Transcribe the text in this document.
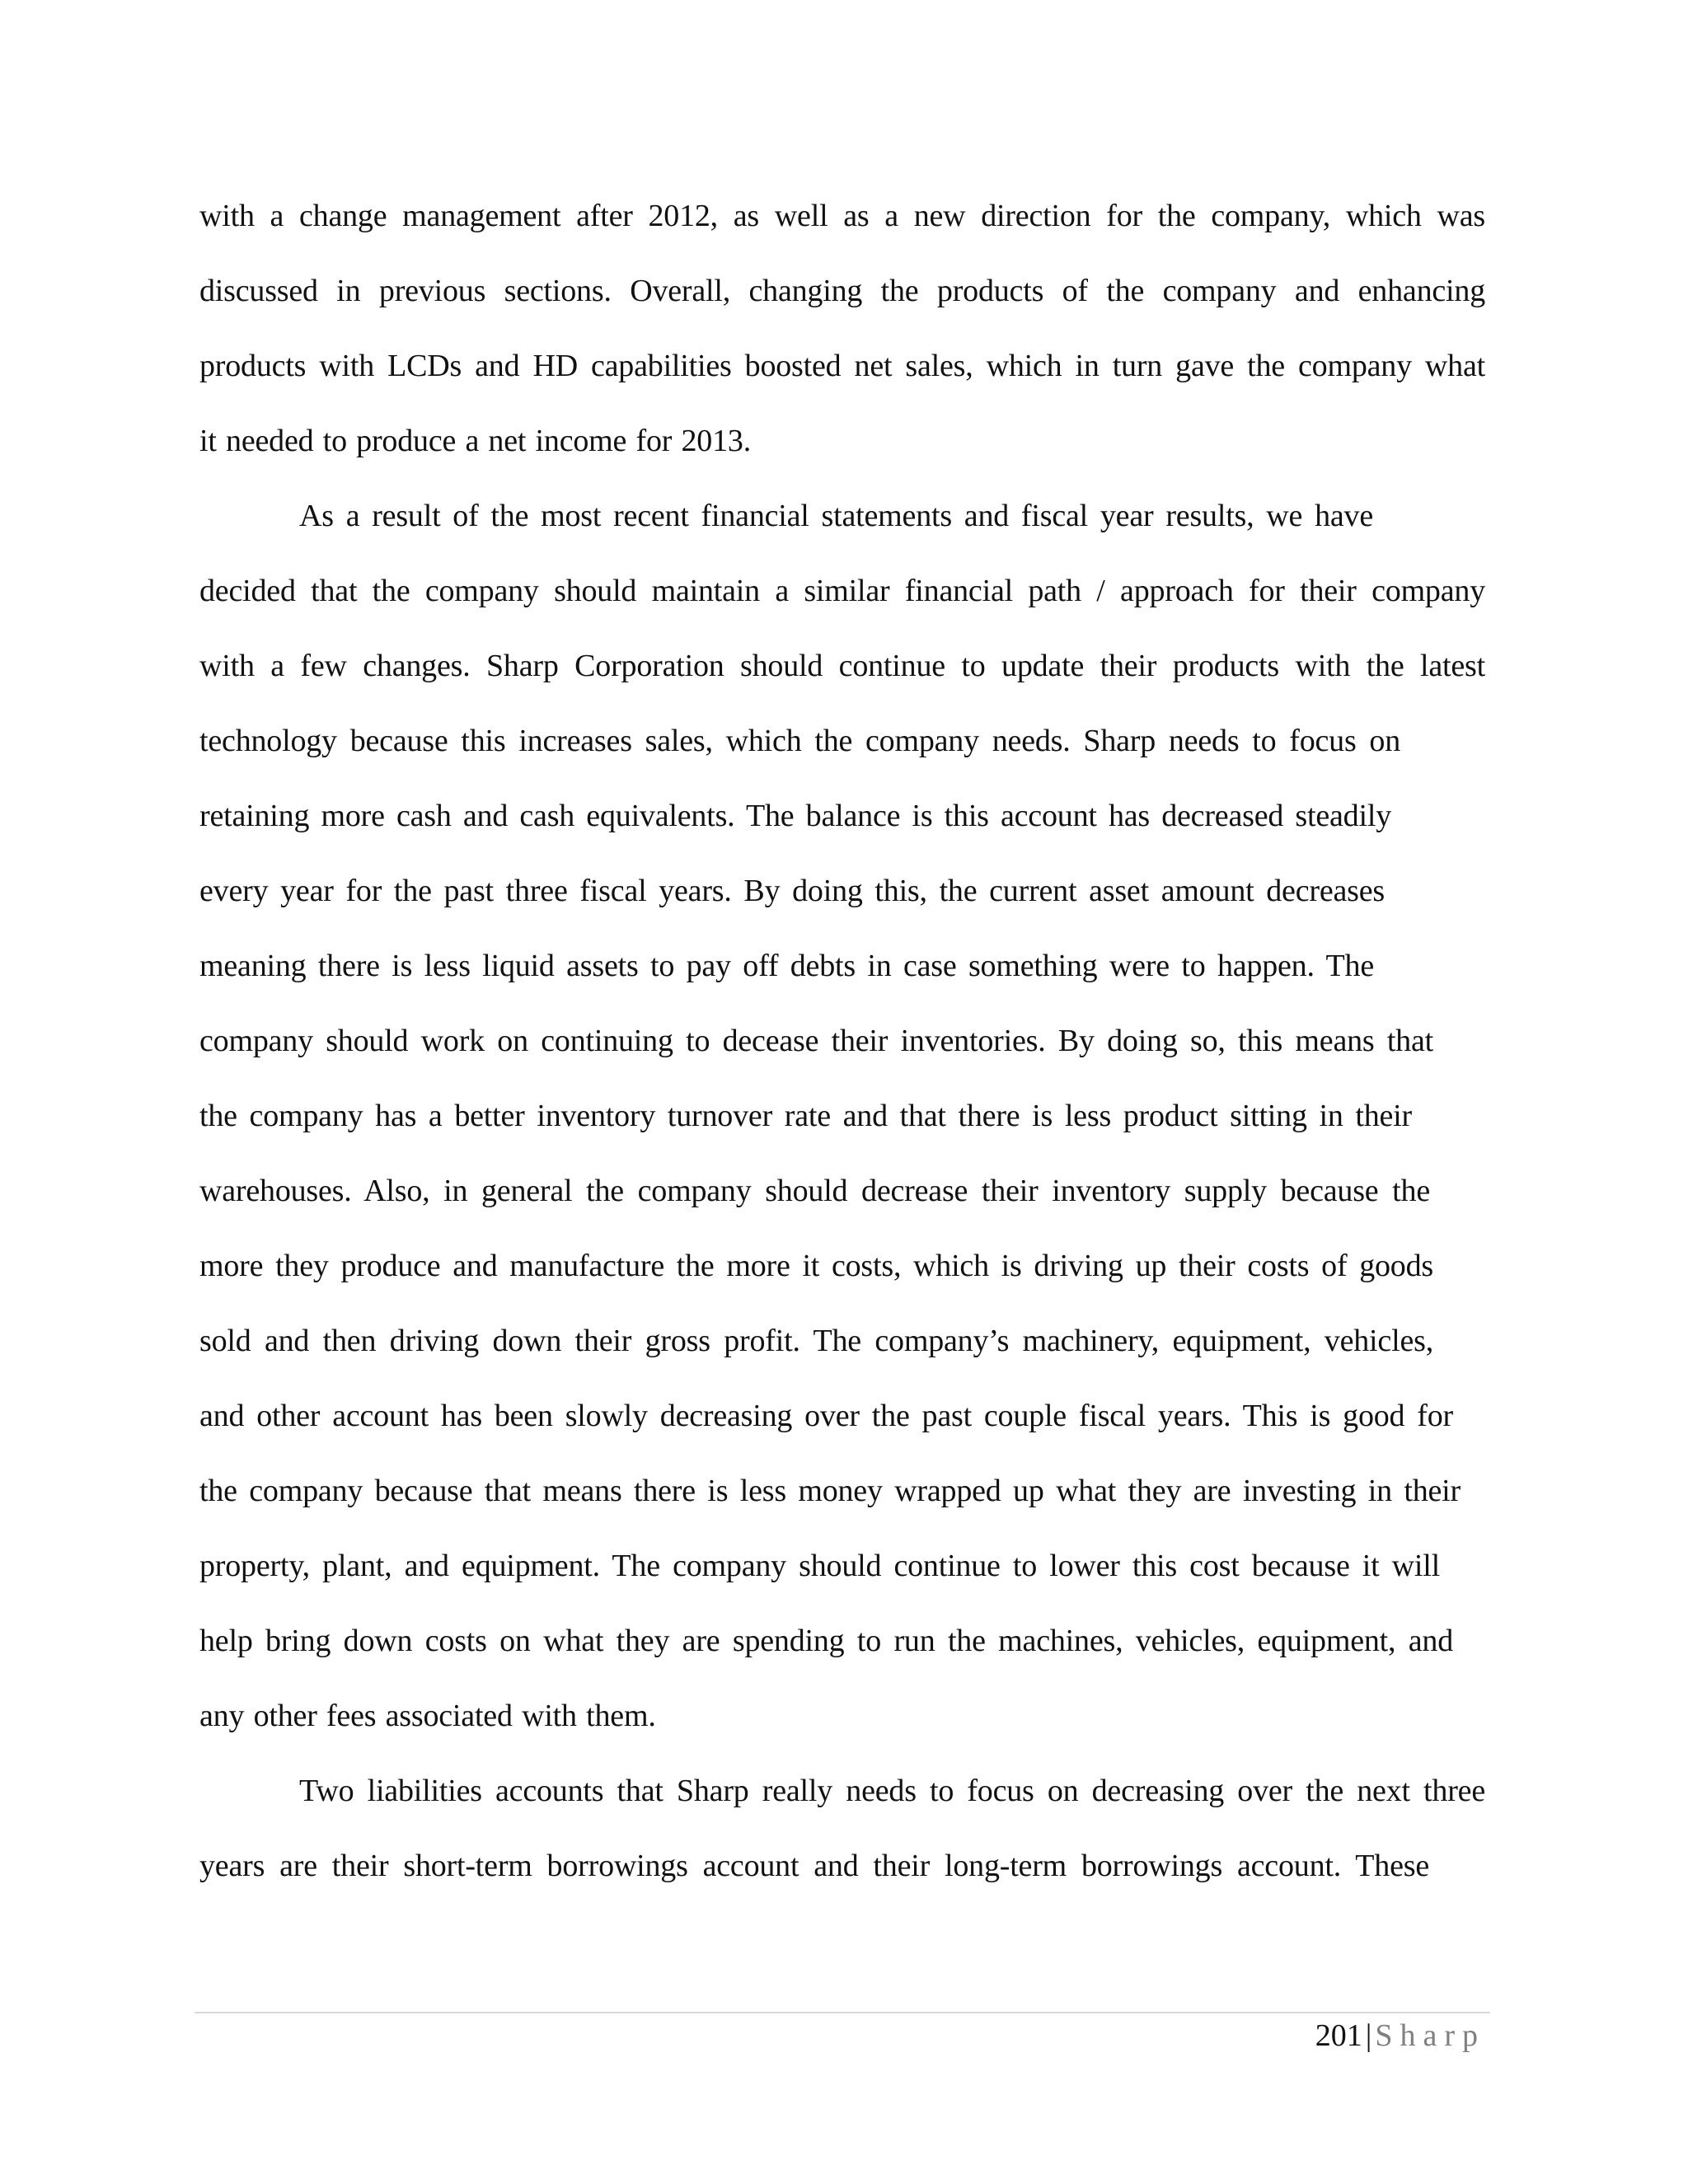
with a change management after 2012, as well as a new direction for the company, which was
discussed in previous sections. Overall, changing the products of the company and enhancing
products with LCDs and HD capabilities boosted net sales, which in turn gave the company what
it needed to produce a net income for 2013.
As a result of the most recent financial statements and fiscal year results, we have
decided that the company should maintain a similar financial path / approach for their company
with a few changes. Sharp Corporation should continue to update their products with the latest
technology because this increases sales, which the company needs. Sharp needs to focus on
retaining more cash and cash equivalents. The balance is this account has decreased steadily
every year for the past three fiscal years. By doing this, the current asset amount decreases
meaning there is less liquid assets to pay off debts in case something were to happen. The
company should work on continuing to decease their inventories. By doing so, this means that
the company has a better inventory turnover rate and that there is less product sitting in their
warehouses. Also, in general the company should decrease their inventory supply because the
more they produce and manufacture the more it costs, which is driving up their costs of goods
sold and then driving down their gross profit. The company’s machinery, equipment, vehicles,
and other account has been slowly decreasing over the past couple fiscal years. This is good for
the company because that means there is less money wrapped up what they are investing in their
property, plant, and equipment. The company should continue to lower this cost because it will
help bring down costs on what they are spending to run the machines, vehicles, equipment, and
any other fees associated with them.
Two liabilities accounts that Sharp really needs to focus on decreasing over the next three
years are their short-term borrowings account and their long-term borrowings account. These
201 | Sharp
